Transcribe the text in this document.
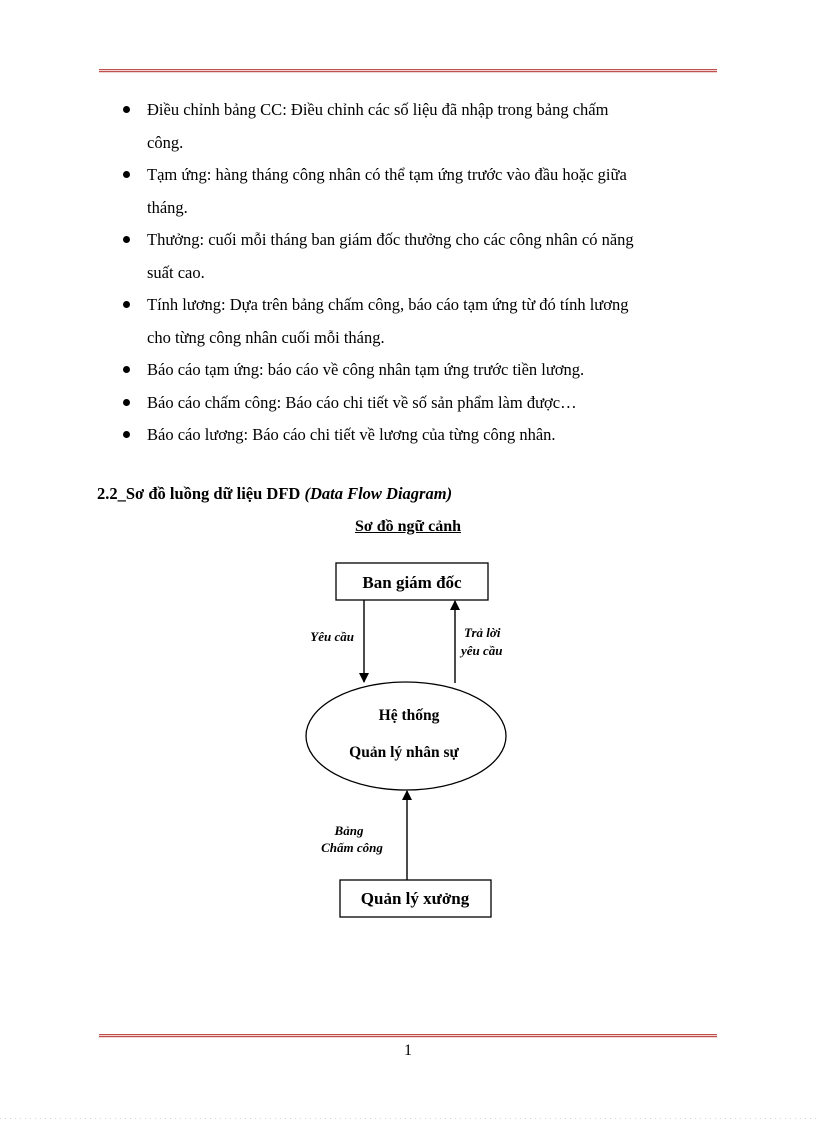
Điều chỉnh bảng CC: Điều chỉnh các số liệu đã nhập trong bảng chấm
công.
Tạm ứng: hàng tháng công nhân có thể tạm ứng trước vào đầu hoặc giữa
tháng.
Thưởng: cuối mỗi tháng ban giám đốc thưởng cho các công nhân có năng
suất cao.
Tính lương: Dựa trên bảng chấm công, báo cáo tạm ứng từ đó tính lương
cho từng công nhân cuối mỗi tháng.
Báo cáo tạm ứng: báo cáo về công nhân tạm ứng trước tiền lương.
Báo cáo chấm công: Báo cáo chi tiết về số sản phẩm làm được…
Báo cáo lương: Báo cáo chi tiết về lương của từng công nhân.

2.2_Sơ đồ luồng dữ liệu DFD (Data Flow Diagram)

Sơ đồ ngữ cảnh

Ban giám đốc
Hệ thống
Quản lý nhân sự
Quản lý xưởng
Yêu cầu	Trả lời
yêu cầu
Bảng
Chấm công
1
